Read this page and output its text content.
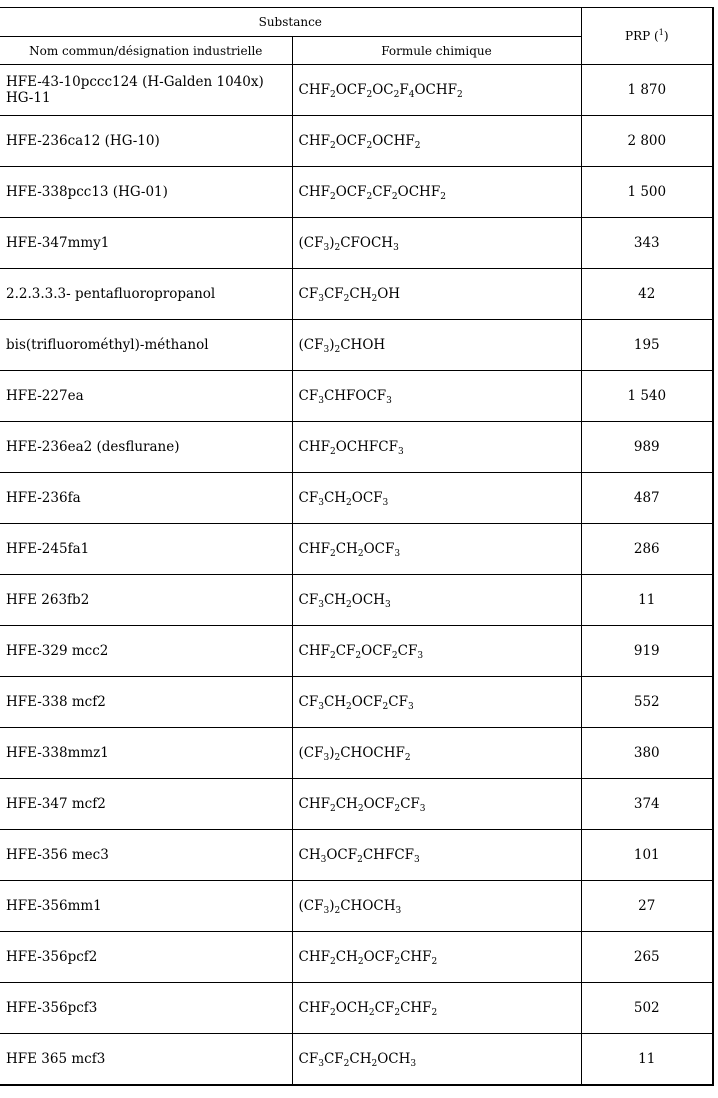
Substance		PRP ($^1$)
Nom commun/désignation industrielle	Formule chimique	
HFE-43-10pccc124 (H-Galden 1040x) HG-11	$CHF_2OCF_2OC_2F_4OCHF_2$	1 870
HFE-236ca12 (HG-10)	$CHF_2OCF_2OCHF_2$	2 800
HFE-338pcc13 (HG-01)	$CHF_2OCF_2CF_2OCHF_2$	1 500
HFE-347mmy1	$(CF_3)_2CFOCH_3$	343
2.2.3.3.3- pentafluoropropanol	$CF_3CF_2CH_2OH$	42
bis(trifluorométhyl)-méthanol	$(CF_3)_2CHOH$	195
HFE-227ea	$CF_3CHFOCF_3$	1 540
HFE-236ea2 (desflurane)	$CHF_2OCHFCF_3$	989
HFE-236fa	$CF_3CH_2OCF_3$	487
HFE-245fa1	$CHF_2CH_2OCF_3$	286
HFE 263fb2	$CF_3CH_2OCH_3$	11
HFE-329 mcc2	$CHF_2CF_2OCF_2CF_3$	919
HFE-338 mcf2	$CF_3CH_2OCF_2CF_3$	552
HFE-338mmz1	$(CF_3)_2CHOCHF_2$	380
HFE-347 mcf2	$CHF_2CH_2OCF_2CF_3$	374
HFE-356 mec3	$CH_3OCF_2CHFCF_3$	101
HFE-356mm1	$(CF_3)_2CHOCH_3$	27
HFE-356pcf2	$CHF_2CH_2OCF_2CHF_2$	265
HFE-356pcf3	$CHF_2OCH_2CF_2CHF_2$	502
HFE 365 mcf3	$CF_3CF_2CH_2OCH_3$	11
